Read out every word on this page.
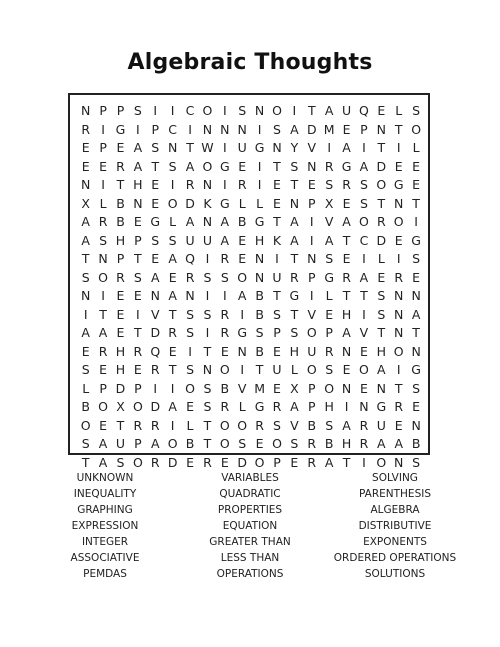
Algebraic Thoughts
N P P S I	I C O I S N O I T A U Q E L S
R I G I P C I N N N I S A D M E P N T O
E P E A S N T W I U G N Y V I A I T I L
E E R A T S A O G E I T S N R G A D E E
N I T H E I R N I R I E T E S R S O G E
X L B N E O D K G L L E N P X E S T N T
A R B E G L A N A B G T A I V A O R O I
A S H P S S U U A E H K A I A T C D E G
T N P T E A Q I R E N I T N S E I L I S
S O R S A E R S S O N U R P G R A E R E
N I E E N A N I	I A B T G I L T T S N N
I T E I V T S S R I B S T V E H I S N A
A A E T D R S I R G S P S O P A V T N T
E R H R Q E I T E N B E H U R N E H O N
S E H E R T S N O I T U L O S E O A I G
L P D P I	I O S B V M E X P O N E N T S
B O X O D A E S R L G R A P H I N G R E
O E T R R I L T O O R S V B S A R U E N
S A U P A O B T O S E O S R B H R A A B
T A S O R D E R E D O P E R A T I O N S
UNKNOWN
INEQUALITY
GRAPHING
EXPRESSION
INTEGER
ASSOCIATIVE
PEMDAS
VARIABLES
QUADRATIC
PROPERTIES
EQUATION
GREATER THAN
LESS THAN
OPERATIONS
SOLVING
PARENTHESIS
ALGEBRA
DISTRIBUTIVE
EXPONENTS
ORDERED OPERATIONS
SOLUTIONS
